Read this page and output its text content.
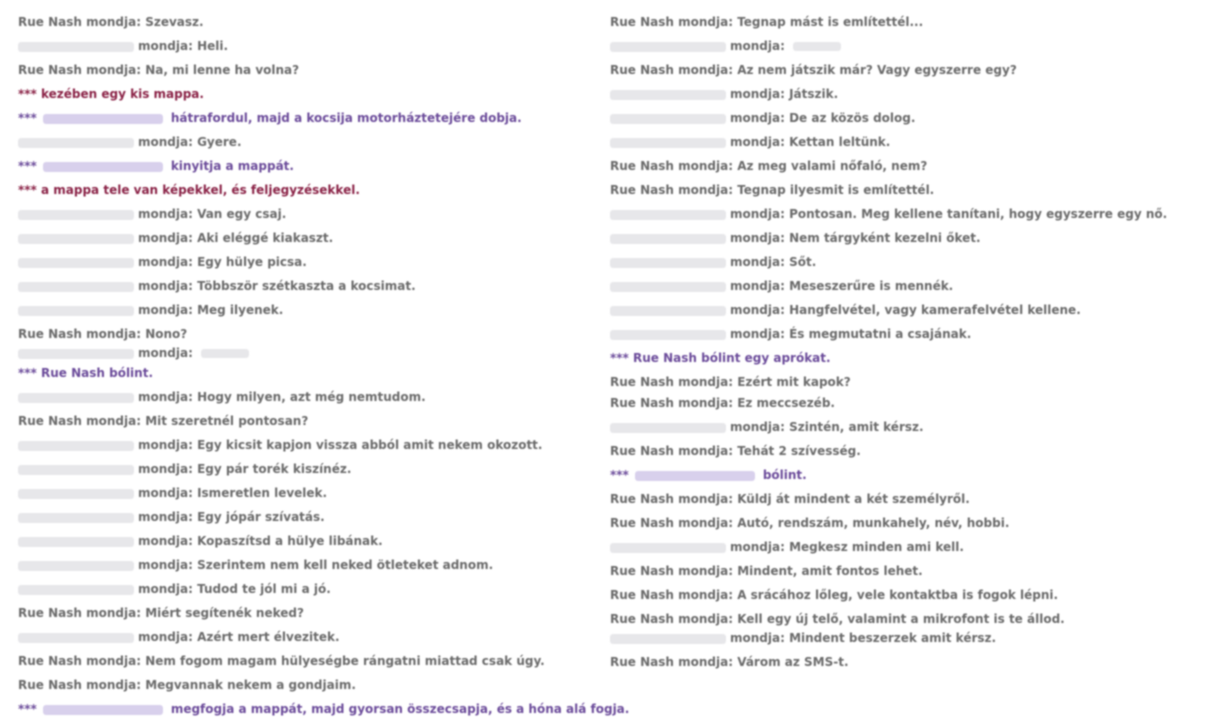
Rue Nash mondja: Szevasz.
mondja: Heli.
Rue Nash mondja: Na, mi lenne ha volna?
*** kezében egy kis mappa.
***	hátrafordul, majd a kocsija motorháztetejére dobja.
mondja: Gyere.
***	kinyitja a mappát.
*** a mappa tele van képekkel, és feljegyzésekkel.
mondja: Van egy csaj.
mondja: Aki eléggé kiakaszt.
mondja: Egy hülye picsa.
mondja: Többször szétkaszta a kocsimat.
mondja: Meg ilyenek.
Rue Nash mondja: Nono?
mondja:
*** Rue Nash bólint.
mondja: Hogy milyen, azt még nemtudom.
Rue Nash mondja: Mit szeretnél pontosan?
mondja: Egy kicsit kapjon vissza abból amit nekem okozott.
mondja: Egy pár torék kiszínéz.
mondja: Ismeretlen levelek.
mondja: Egy jópár szívatás.
mondja: Kopaszítsd a hülye libának.
mondja: Szerintem nem kell neked ötleteket adnom.
mondja: Tudod te jól mi a jó.
Rue Nash mondja: Miért segítenék neked?
mondja: Azért mert élvezitek.
Rue Nash mondja: Nem fogom magam hülyeségbe rángatni miattad csak úgy.
Rue Nash mondja: Megvannak nekem a gondjaim.
***	megfogja a mappát, majd gyorsan összecsapja, és a hóna alá fogja.
Rue Nash mondja: Tegnap mást is említettél...
mondja:
Rue Nash mondja: Az nem játszik már? Vagy egyszerre egy?
mondja: Játszik.
mondja: De az közös dolog.
mondja: Kettan leltünk.
Rue Nash mondja: Az meg valami nőfaló, nem?
Rue Nash mondja: Tegnap ilyesmit is említettél.
mondja: Pontosan. Meg kellene tanítani, hogy egyszerre egy nő.
mondja: Nem tárgyként kezelni őket.
mondja: Sőt.
mondja: Meseszerűre is mennék.
mondja: Hangfelvétel, vagy kamerafelvétel kellene.
mondja: És megmutatni a csajának.
*** Rue Nash bólint egy aprókat.
Rue Nash mondja: Ezért mit kapok?
Rue Nash mondja: Ez meccsezéb.
mondja: Szintén, amit kérsz.
Rue Nash mondja: Tehát 2 szívesség.
***	bólint.
Rue Nash mondja: Küldj át mindent a két személyről.
Rue Nash mondja: Autó, rendszám, munkahely, név, hobbi.
mondja: Megkesz minden ami kell.
Rue Nash mondja: Mindent, amit fontos lehet.
Rue Nash mondja: A srácához lőleg, vele kontaktba is fogok lépni.
Rue Nash mondja: Kell egy új telő, valamint a mikrofont is te állod.
mondja: Mindent beszerzek amit kérsz.
Rue Nash mondja: Várom az SMS-t.
